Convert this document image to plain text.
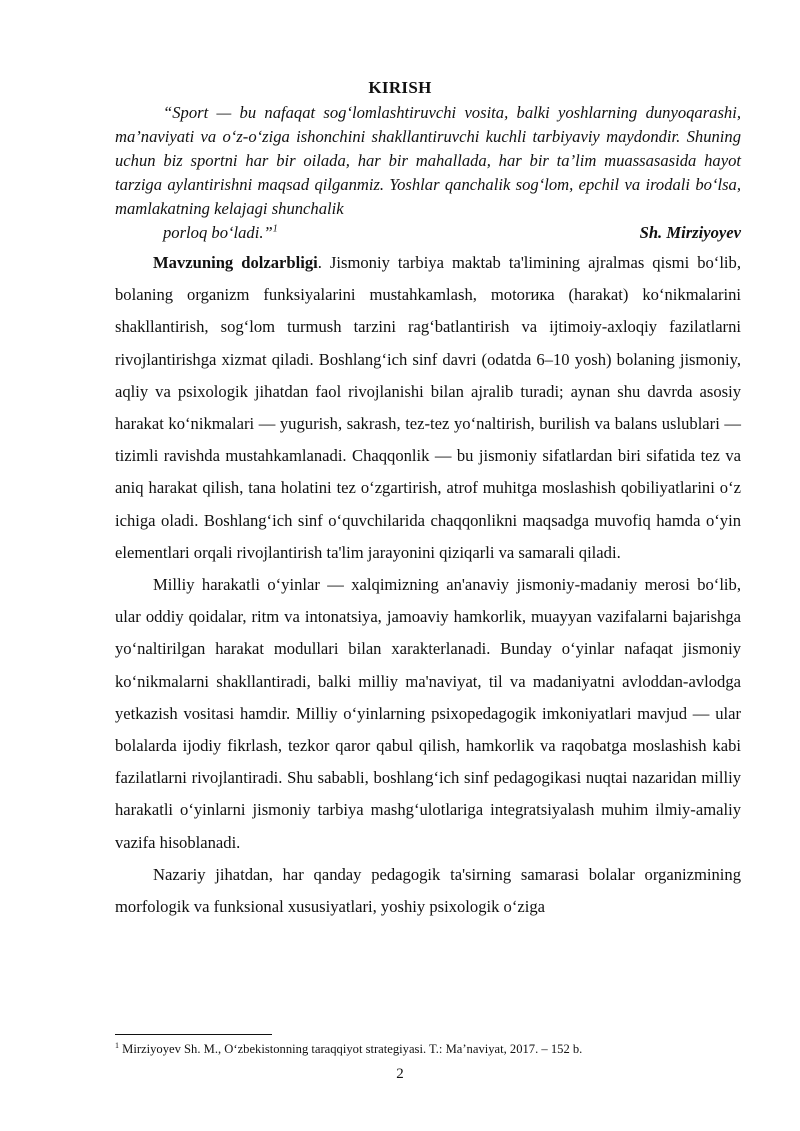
KIRISH
“Sport — bu nafaqat sog‘lomlashtiruvchi vosita, balki yoshlarning dunyoqarashi, ma’naviyati va o‘z-o‘ziga ishonchini shakllantiruvchi kuchli tarbiyaviy maydondir. Shuning uchun biz sportni har bir oilada, har bir mahallada, har bir ta’lim muassasasida hayot tarziga aylantirishni maqsad qilganmiz. Yoshlar qanchalik sog‘lom, epchil va irodali bo‘lsa, mamlakatning kelajagi shunchalik
porloq bo‘ladi.”$^1$	Sh. Mirziyoyev

Mavzuning dolzarbligi. Jismoniy tarbiya maktab ta'limining ajralmas qismi bo‘lib, bolaning organizm funksiyalarini mustahkamlash, motorика (harakat) ko‘nikmalarini shakllantirish, sog‘lom turmush tarzini rag‘batlantirish va ijtimoiy-axloqiy fazilatlarni rivojlantirishga xizmat qiladi. Boshlang‘ich sinf davri (odatda 6–10 yosh) bolaning jismoniy, aqliy va psixologik jihatdan faol rivojlanishi bilan ajralib turadi; aynan shu davrda asosiy harakat ko‘nikmalari — yugurish, sakrash, tez-tez yo‘naltirish, burilish va balans uslublari — tizimli ravishda mustahkamlanadi. Chaqqonlik — bu jismoniy sifatlardan biri sifatida tez va aniq harakat qilish, tana holatini tez o‘zgartirish, atrof muhitga moslashish qobiliyatlarini o‘z ichiga oladi. Boshlang‘ich sinf o‘quvchilarida chaqqonlikni maqsadga muvofiq hamda o‘yin elementlari orqali rivojlantirish ta'lim jarayonini qiziqarli va samarali qiladi.

Milliy harakatli o‘yinlar — xalqimizning an'anaviy jismoniy-madaniy merosi bo‘lib, ular oddiy qoidalar, ritm va intonatsiya, jamoaviy hamkorlik, muayyan vazifalarni bajarishga yo‘naltirilgan harakat modullari bilan xarakterlanadi. Bunday o‘yinlar nafaqat jismoniy ko‘nikmalarni shakllantiradi, balki milliy ma'naviyat, til va madaniyatni avloddan-avlodga yetkazish vositasi hamdir. Milliy o‘yinlarning psixopedagogik imkoniyatlari mavjud — ular bolalarda ijodiy fikrlash, tezkor qaror qabul qilish, hamkorlik va raqobatga moslashish kabi fazilatlarni rivojlantiradi. Shu sababli, boshlang‘ich sinf pedagogikasi nuqtai nazaridan milliy harakatli o‘yinlarni jismoniy tarbiya mashg‘ulotlariga integratsiyalash muhim ilmiy-amaliy vazifa hisoblanadi.

Nazariy jihatdan, har qanday pedagogik ta'sirning samarasi bolalar organizmining morfologik va funksional xususiyatlari, yoshiy psixologik o‘ziga

$^1$ Mirziyoyev Sh. M., O‘zbekistonning taraqqiyot strategiyasi. T.: Ma’naviyat, 2017. – 152 b.
2
